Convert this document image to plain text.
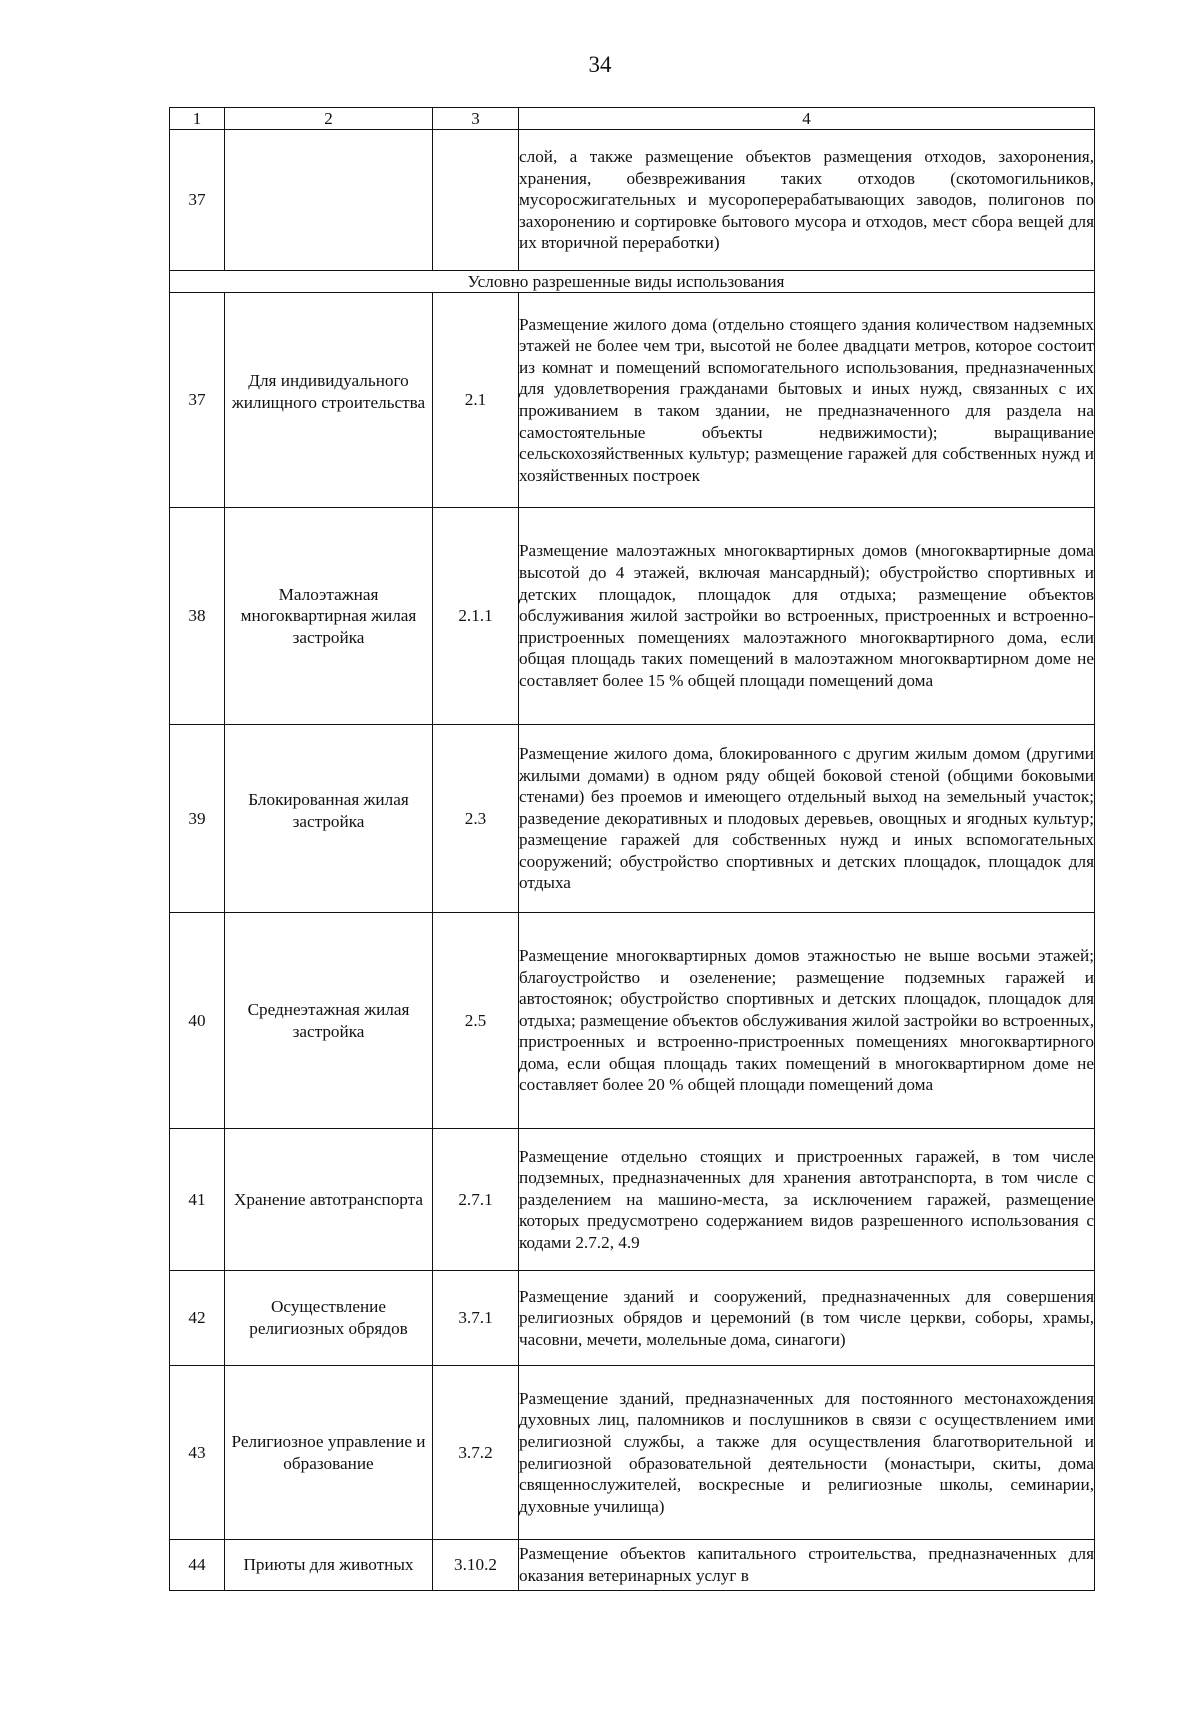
34
1	2	3	4
37			слой, а также размещение объектов размещения отходов, захоронения, хранения, обезвреживания таких отходов (скотомогильников, мусоросжигательных и мусороперерабатывающих заводов, полигонов по захоронению и сортировке бытового мусора и отходов, мест сбора вещей для их вторичной переработки)
Условно разрешенные виды использования			
37	Для индивидуального жилищного строительства	2.1	Размещение жилого дома (отдельно стоящего здания количеством надземных этажей не более чем три, высотой не более двадцати метров, которое состоит из комнат и помещений вспомогательного использования, предназначенных для удовлетворения гражданами бытовых и иных нужд, связанных с их проживанием в таком здании, не предназначенного для раздела на самостоятельные объекты недвижимости); выращивание сельскохозяйственных культур; размещение гаражей для собственных нужд и хозяйственных построек
38	Малоэтажная многоквартирная жилая застройка	2.1.1	Размещение малоэтажных многоквартирных домов (многоквартирные дома высотой до 4 этажей, включая мансардный); обустройство спортивных и детских площадок, площадок для отдыха; размещение объектов обслуживания жилой застройки во встроенных, пристроенных и встроенно-пристроенных помещениях малоэтажного многоквартирного дома, если общая площадь таких помещений в малоэтажном многоквартирном доме не составляет более 15 % общей площади помещений дома
39	Блокированная жилая застройка	2.3	Размещение жилого дома, блокированного с другим жилым домом (другими жилыми домами) в одном ряду общей боковой стеной (общими боковыми стенами) без проемов и имеющего отдельный выход на земельный участок; разведение декоративных и плодовых деревьев, овощных и ягодных культур; размещение гаражей для собственных нужд и иных вспомогательных сооружений; обустройство спортивных и детских площадок, площадок для отдыха
40	Среднеэтажная жилая застройка	2.5	Размещение многоквартирных домов этажностью не выше восьми этажей; благоустройство и озеленение; размещение подземных гаражей и автостоянок; обустройство спортивных и детских площадок, площадок для отдыха; размещение объектов обслуживания жилой застройки во встроенных, пристроенных и встроенно-пристроенных помещениях многоквартирного дома, если общая площадь таких помещений в многоквартирном доме не составляет более 20 % общей площади помещений дома
41	Хранение автотранспорта	2.7.1	Размещение отдельно стоящих и пристроенных гаражей, в том числе подземных, предназначенных для хранения автотранспорта, в том числе с разделением на машино-места, за исключением гаражей, размещение которых предусмотрено содержанием видов разрешенного использования с кодами 2.7.2, 4.9
42	Осуществление религиозных обрядов	3.7.1	Размещение зданий и сооружений, предназначенных для совершения религиозных обрядов и церемоний (в том числе церкви, соборы, храмы, часовни, мечети, молельные дома, синагоги)
43	Религиозное управление и образование	3.7.2	Размещение зданий, предназначенных для постоянного местонахождения духовных лиц, паломников и послушников в связи с осуществлением ими религиозной службы, а также для осуществления благотворительной и религиозной образовательной деятельности (монастыри, скиты, дома священнослужителей, воскресные и религиозные школы, семинарии, духовные училища)
44	Приюты для животных	3.10.2	Размещение объектов капитального строительства, предназначенных для оказания ветеринарных услуг в
